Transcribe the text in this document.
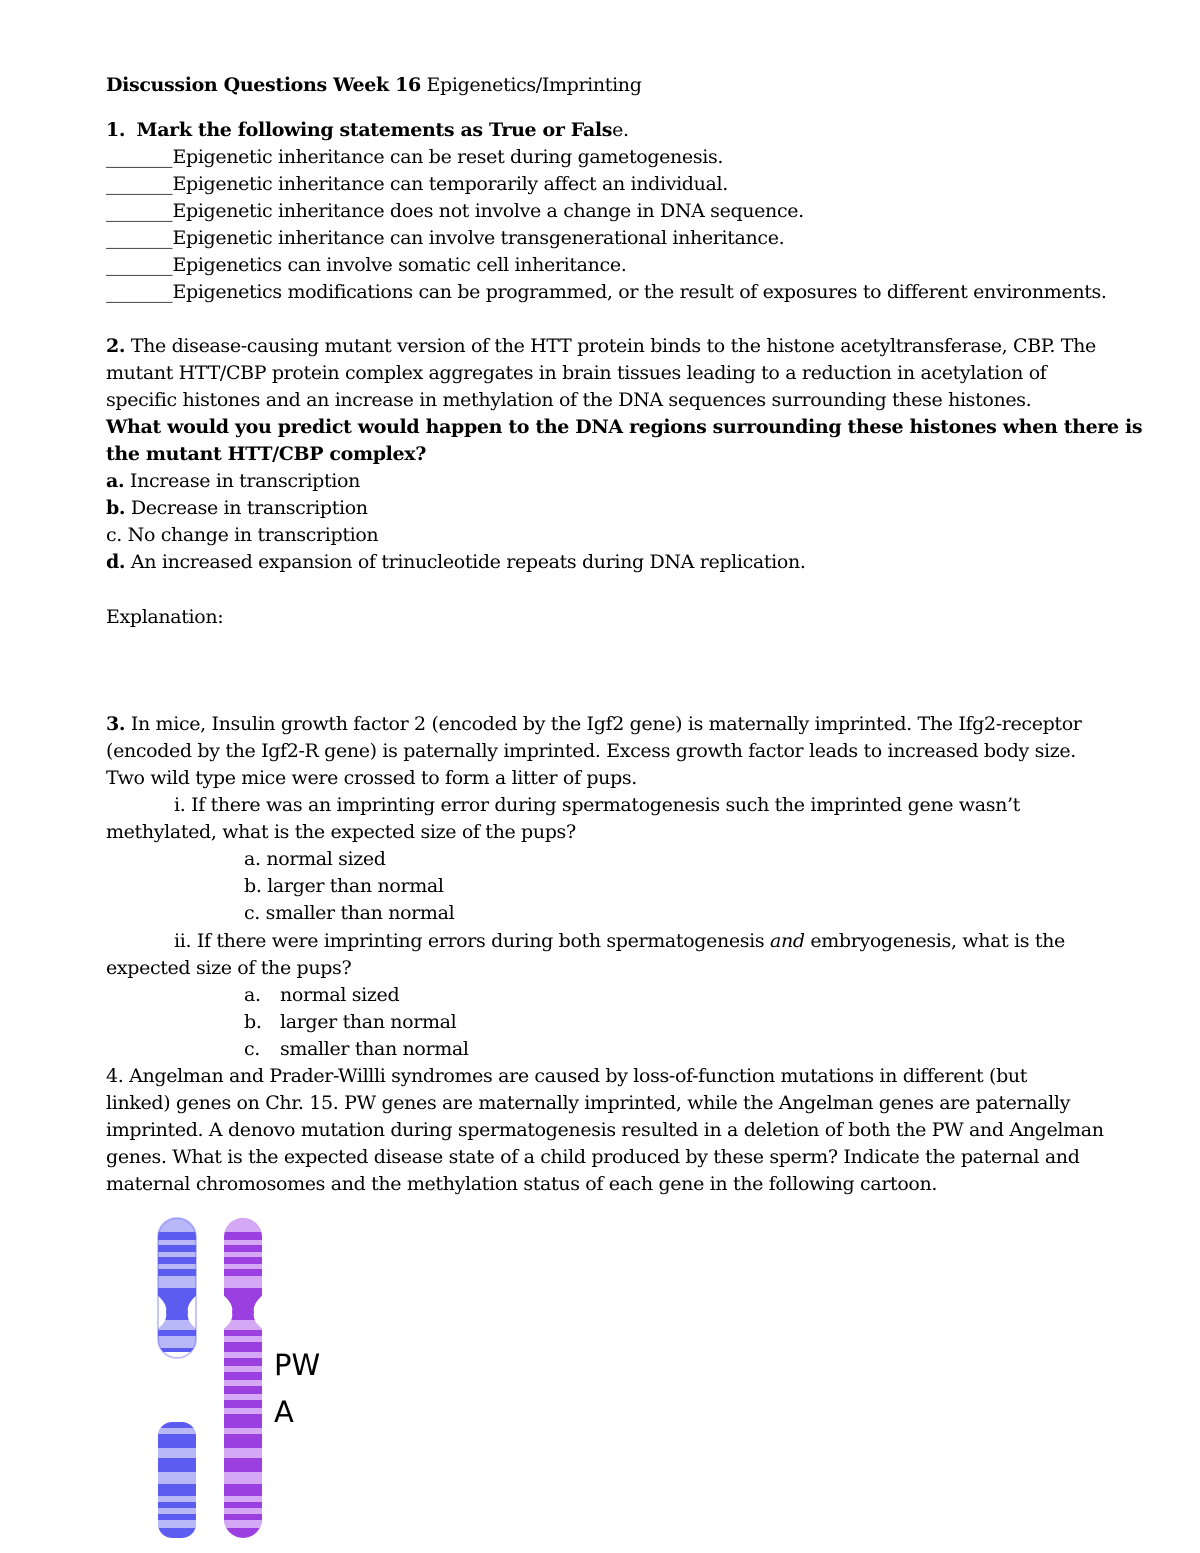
Discussion Questions Week 16 Epigenetics/Imprinting
1. Mark the following statements as True or False.
_______Epigenetic inheritance can be reset during gametogenesis.
_______Epigenetic inheritance can temporarily affect an individual.
_______Epigenetic inheritance does not involve a change in DNA sequence.
_______Epigenetic inheritance can involve transgenerational inheritance.
_______Epigenetics can involve somatic cell inheritance.
_______Epigenetics modifications can be programmed, or the result of exposures to different environments.
2. The disease-causing mutant version of the HTT protein binds to the histone acetyltransferase, CBP. The
mutant HTT/CBP protein complex aggregates in brain tissues leading to a reduction in acetylation of
specific histones and an increase in methylation of the DNA sequences surrounding these histones.
What would you predict would happen to the DNA regions surrounding these histones when there is
the mutant HTT/CBP complex?
a. Increase in transcription
b. Decrease in transcription
c. No change in transcription
d. An increased expansion of trinucleotide repeats during DNA replication.
Explanation:
3. In mice, Insulin growth factor 2 (encoded by the Igf2 gene) is maternally imprinted. The Ifg2-receptor
(encoded by the Igf2-R gene) is paternally imprinted. Excess growth factor leads to increased body size.
Two wild type mice were crossed to form a litter of pups.
i. If there was an imprinting error during spermatogenesis such the imprinted gene wasn’t
methylated, what is the expected size of the pups?
a. normal sized
b. larger than normal
c. smaller than normal
ii. If there were imprinting errors during both spermatogenesis and embryogenesis, what is the
expected size of the pups?
a. normal sized
b. larger than normal
c. smaller than normal
4. Angelman and Prader-Willli syndromes are caused by loss-of-function mutations in different (but
linked) genes on Chr. 15. PW genes are maternally imprinted, while the Angelman genes are paternally
imprinted. A denovo mutation during spermatogenesis resulted in a deletion of both the PW and Angelman
genes. What is the expected disease state of a child produced by these sperm? Indicate the paternal and
maternal chromosomes and the methylation status of each gene in the following cartoon.
PW
A
